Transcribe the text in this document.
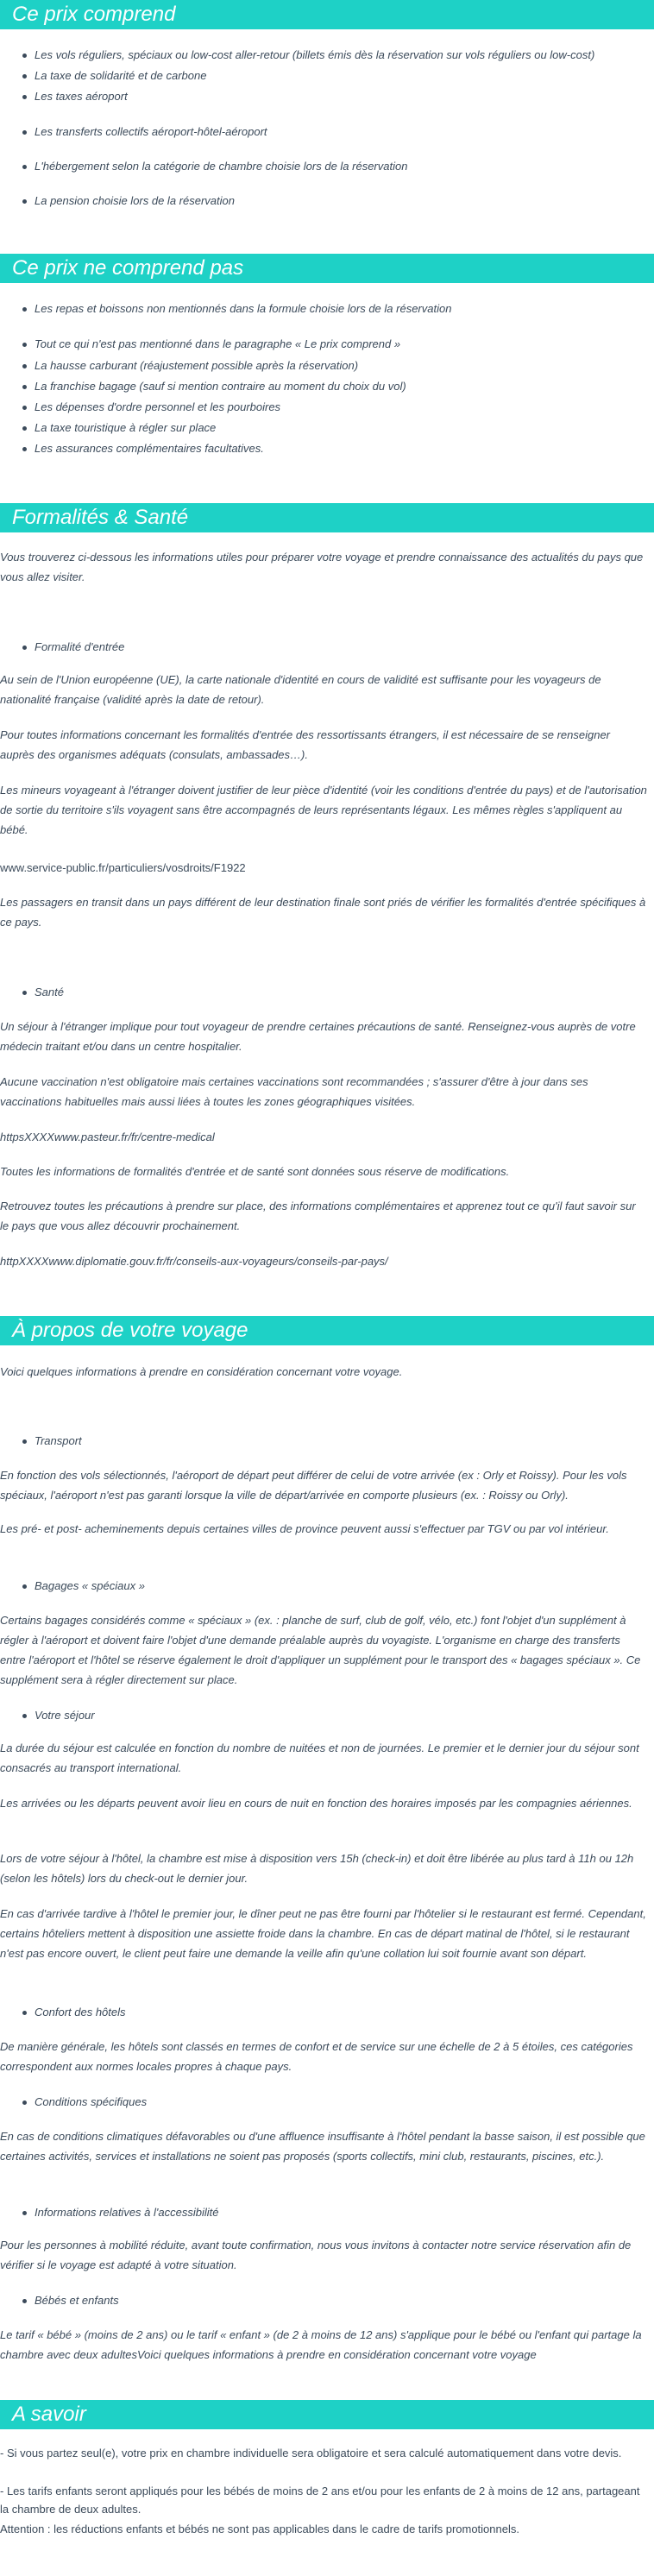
Ce prix comprend

Les vols réguliers, spéciaux ou low-cost aller-retour (billets émis dès la réservation sur vols réguliers ou low-cost)

La taxe de solidarité et de carbone

Les taxes aéroport

Les transferts collectifs aéroport-hôtel-aéroport

L'hébergement selon la catégorie de chambre choisie lors de la réservation

La pension choisie lors de la réservation

Ce prix ne comprend pas

Les repas et boissons non mentionnés dans la formule choisie lors de la réservation

Tout ce qui n'est pas mentionné dans le paragraphe « Le prix comprend »

La hausse carburant (réajustement possible après la réservation)

La franchise bagage (sauf si mention contraire au moment du choix du vol)

Les dépenses d'ordre personnel et les pourboires

La taxe touristique à régler sur place

Les assurances complémentaires facultatives.

Formalités & Santé

Vous trouverez ci-dessous les informations utiles pour préparer votre voyage et prendre connaissance des actualités du pays que vous allez visiter.

Formalité d'entrée

Au sein de l'Union européenne (UE), la carte nationale d'identité en cours de validité est suffisante pour les voyageurs de nationalité française (validité après la date de retour).

Pour toutes informations concernant les formalités d'entrée des ressortissants étrangers, il est nécessaire de se renseigner auprès des organismes adéquats (consulats, ambassades…).

Les mineurs voyageant à l'étranger doivent justifier de leur pièce d'identité (voir les conditions d'entrée du pays) et de l'autorisation de sortie du territoire s'ils voyagent sans être accompagnés de leurs représentants légaux. Les mêmes règles s'appliquent au bébé.

www.service-public.fr/particuliers/vosdroits/F1922

Les passagers en transit dans un pays différent de leur destination finale sont priés de vérifier les formalités d'entrée spécifiques à ce pays.

Santé

Un séjour à l'étranger implique pour tout voyageur de prendre certaines précautions de santé. Renseignez-vous auprès de votre médecin traitant et/ou dans un centre hospitalier.

Aucune vaccination n'est obligatoire mais certaines vaccinations sont recommandées ; s'assurer d'être à jour dans ses vaccinations habituelles mais aussi liées à toutes les zones géographiques visitées.

httpsXXXXwww.pasteur.fr/fr/centre-medical

Toutes les informations de formalités d'entrée et de santé sont données sous réserve de modifications.

Retrouvez toutes les précautions à prendre sur place, des informations complémentaires et apprenez tout ce qu'il faut savoir sur le pays que vous allez découvrir prochainement.

httpXXXXwww.diplomatie.gouv.fr/fr/conseils-aux-voyageurs/conseils-par-pays/

À propos de votre voyage

Voici quelques informations à prendre en considération concernant votre voyage.

Transport

En fonction des vols sélectionnés, l'aéroport de départ peut différer de celui de votre arrivée (ex : Orly et Roissy). Pour les vols spéciaux, l'aéroport n'est pas garanti lorsque la ville de départ/arrivée en comporte plusieurs (ex. : Roissy ou Orly).

Les pré- et post- acheminements depuis certaines villes de province peuvent aussi s'effectuer par TGV ou par vol intérieur.

Bagages « spéciaux »

Certains bagages considérés comme « spéciaux » (ex. : planche de surf, club de golf, vélo, etc.) font l'objet d'un supplément à régler à l'aéroport et doivent faire l'objet d'une demande préalable auprès du voyagiste. L'organisme en charge des transferts entre l'aéroport et l'hôtel se réserve également le droit d'appliquer un supplément pour le transport des « bagages spéciaux ». Ce supplément sera à régler directement sur place.

Votre séjour

La durée du séjour est calculée en fonction du nombre de nuitées et non de journées. Le premier et le dernier jour du séjour sont consacrés au transport international.

Les arrivées ou les départs peuvent avoir lieu en cours de nuit en fonction des horaires imposés par les compagnies aériennes.

Lors de votre séjour à l'hôtel, la chambre est mise à disposition vers 15h (check-in) et doit être libérée au plus tard à 11h ou 12h (selon les hôtels) lors du check-out le dernier jour.

En cas d'arrivée tardive à l'hôtel le premier jour, le dîner peut ne pas être fourni par l'hôtelier si le restaurant est fermé. Cependant, certains hôteliers mettent à disposition une assiette froide dans la chambre. En cas de départ matinal de l'hôtel, si le restaurant n'est pas encore ouvert, le client peut faire une demande la veille afin qu'une collation lui soit fournie avant son départ.

Confort des hôtels

De manière générale, les hôtels sont classés en termes de confort et de service sur une échelle de 2 à 5 étoiles, ces catégories correspondent aux normes locales propres à chaque pays.

Conditions spécifiques

En cas de conditions climatiques défavorables ou d'une affluence insuffisante à l'hôtel pendant la basse saison, il est possible que certaines activités, services et installations ne soient pas proposés (sports collectifs, mini club, restaurants, piscines, etc.).

Informations relatives à l'accessibilité

Pour les personnes à mobilité réduite, avant toute confirmation, nous vous invitons à contacter notre service réservation afin de vérifier si le voyage est adapté à votre situation.

Bébés et enfants

Le tarif « bébé » (moins de 2 ans) ou le tarif « enfant » (de 2 à moins de 12 ans) s'applique pour le bébé ou l'enfant qui partage la chambre avec deux adultesVoici quelques informations à prendre en considération concernant votre voyage

A savoir

- Si vous partez seul(e), votre prix en chambre individuelle sera obligatoire et sera calculé automatiquement dans votre devis.

- Les tarifs enfants seront appliqués pour les bébés de moins de 2 ans et/ou pour les enfants de 2 à moins de 12 ans, partageant la chambre de deux adultes.

Attention : les réductions enfants et bébés ne sont pas applicables dans le cadre de tarifs promotionnels.
